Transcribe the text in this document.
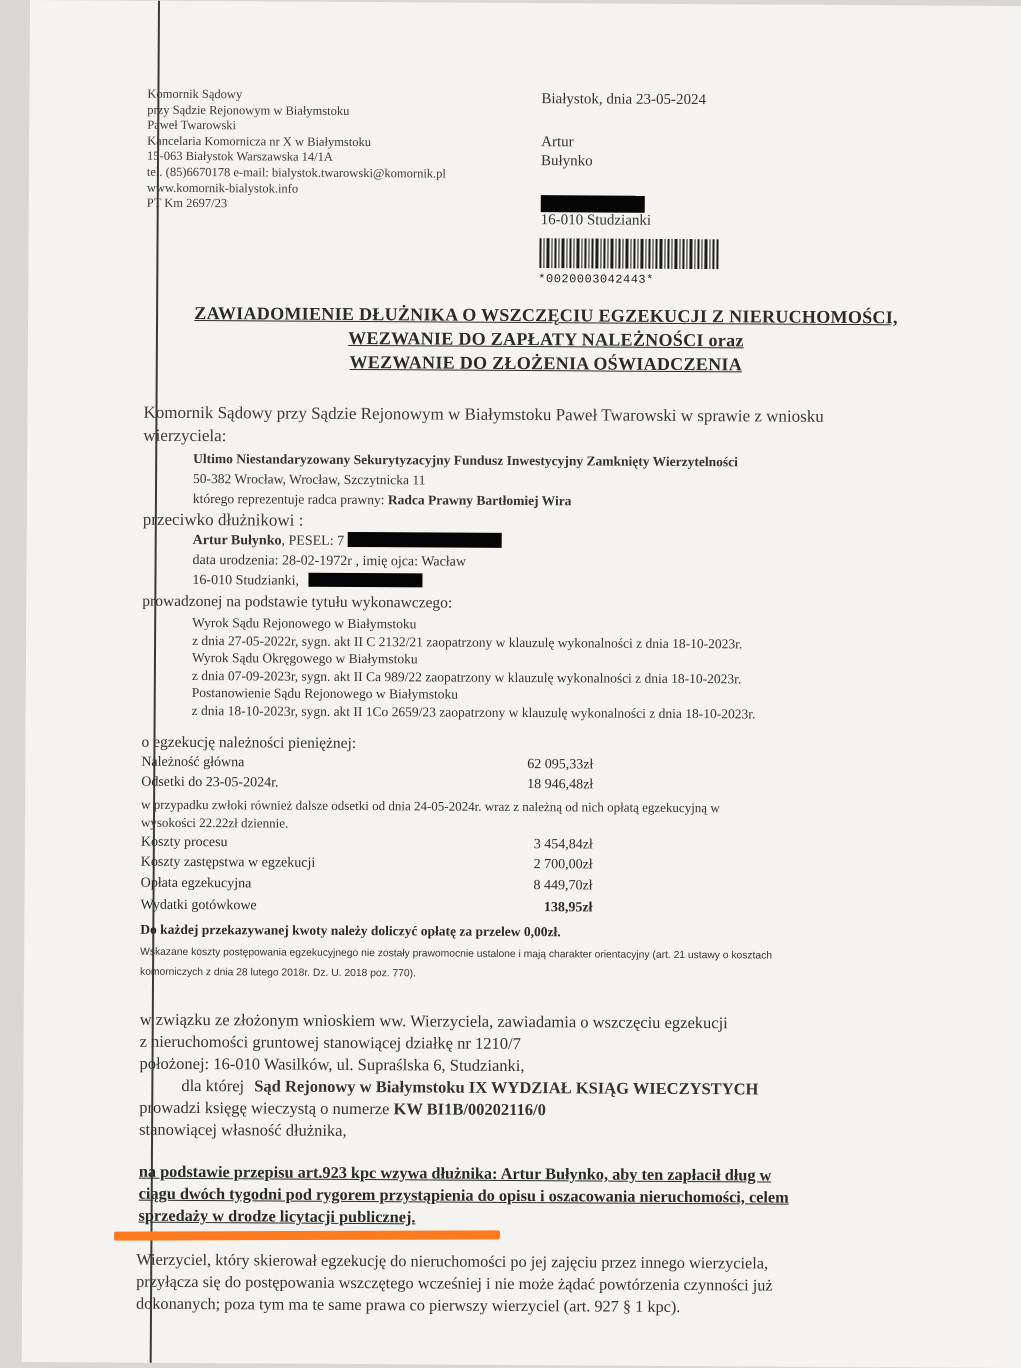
Komornik Sądowy
przy Sądzie Rejonowym w Białymstoku
Paweł Twarowski
Kancelaria Komornicza nr X w Białymstoku
15-063 Białystok Warszawska 14/1A
tel. (85)6670178 e-mail: bialystok.twarowski@komornik.pl
www.komornik-bialystok.info
PT Km 2697/23
Białystok, dnia 23-05-2024
Artur
Bułynko
16-010 Studzianki
*0020003042443*
ZAWIADOMIENIE DŁUŻNIKA O WSZCZĘCIU EGZEKUCJI Z NIERUCHOMOŚCI,
WEZWANIE DO ZAPŁATY NALEŻNOŚCI oraz
WEZWANIE DO ZŁOŻENIA OŚWIADCZENIA
Komornik Sądowy przy Sądzie Rejonowym w Białymstoku Paweł Twarowski w sprawie z wniosku
wierzyciela:
Ultimo Niestandaryzowany Sekurytyzacyjny Fundusz Inwestycyjny Zamknięty Wierzytelności
50-382 Wrocław, Wrocław, Szczytnicka 11
którego reprezentuje radca prawny: Radca Prawny Bartłomiej Wira
przeciwko dłużnikowi :
Artur Bułynko, PESEL: 7
data urodzenia: 28-02-1972r , imię ojca: Wacław
16-010 Studzianki,
prowadzonej na podstawie tytułu wykonawczego:
Wyrok Sądu Rejonowego w Białymstoku
z dnia 27-05-2022r, sygn. akt II C 2132/21 zaopatrzony w klauzulę wykonalności z dnia 18-10-2023r.
Wyrok Sądu Okręgowego w Białymstoku
z dnia 07-09-2023r, sygn. akt II Ca 989/22 zaopatrzony w klauzulę wykonalności z dnia 18-10-2023r.
Postanowienie Sądu Rejonowego w Białymstoku
z dnia 18-10-2023r, sygn. akt II 1Co 2659/23 zaopatrzony w klauzulę wykonalności z dnia 18-10-2023r.
o egzekucję należności pieniężnej:
Należność główna	62 095,33zł
Odsetki do 23-05-2024r.	18 946,48zł
w przypadku zwłoki również dalsze odsetki od dnia 24-05-2024r. wraz z należną od nich opłatą egzekucyjną w
wysokości 22.22zł dziennie.
Koszty procesu	3 454,84zł
Koszty zastępstwa w egzekucji	2 700,00zł
Opłata egzekucyjna	8 449,70zł
Wydatki gotówkowe	138,95zł
Do każdej przekazywanej kwoty należy doliczyć opłatę za przelew 0,00zł.
Wskazane koszty postępowania egzekucyjnego nie zostały prawomocnie ustalone i mają charakter orientacyjny (art. 21 ustawy o kosztach
komorniczych z dnia 28 lutego 2018r. Dz. U. 2018 poz. 770).
w związku ze złożonym wnioskiem ww. Wierzyciela, zawiadamia o wszczęciu egzekucji
z nieruchomości gruntowej stanowiącej działkę nr 1210/7
położonej: 16-010 Wasilków, ul. Supraślska 6, Studzianki,
dla której Sąd Rejonowy w Białymstoku IX WYDZIAŁ KSIĄG WIECZYSTYCH
prowadzi księgę wieczystą o numerze KW BI1B/00202116/0
stanowiącej własność dłużnika,
na podstawie przepisu art.923 kpc wzywa dłużnika: Artur Bułynko, aby ten zapłacił dług w
ciągu dwóch tygodni pod rygorem przystąpienia do opisu i oszacowania nieruchomości, celem
sprzedaży w drodze licytacji publicznej.
Wierzyciel, który skierował egzekucję do nieruchomości po jej zajęciu przez innego wierzyciela,
przyłącza się do postępowania wszczętego wcześniej i nie może żądać powtórzenia czynności już
dokonanych; poza tym ma te same prawa co pierwszy wierzyciel (art. 927 § 1 kpc).
